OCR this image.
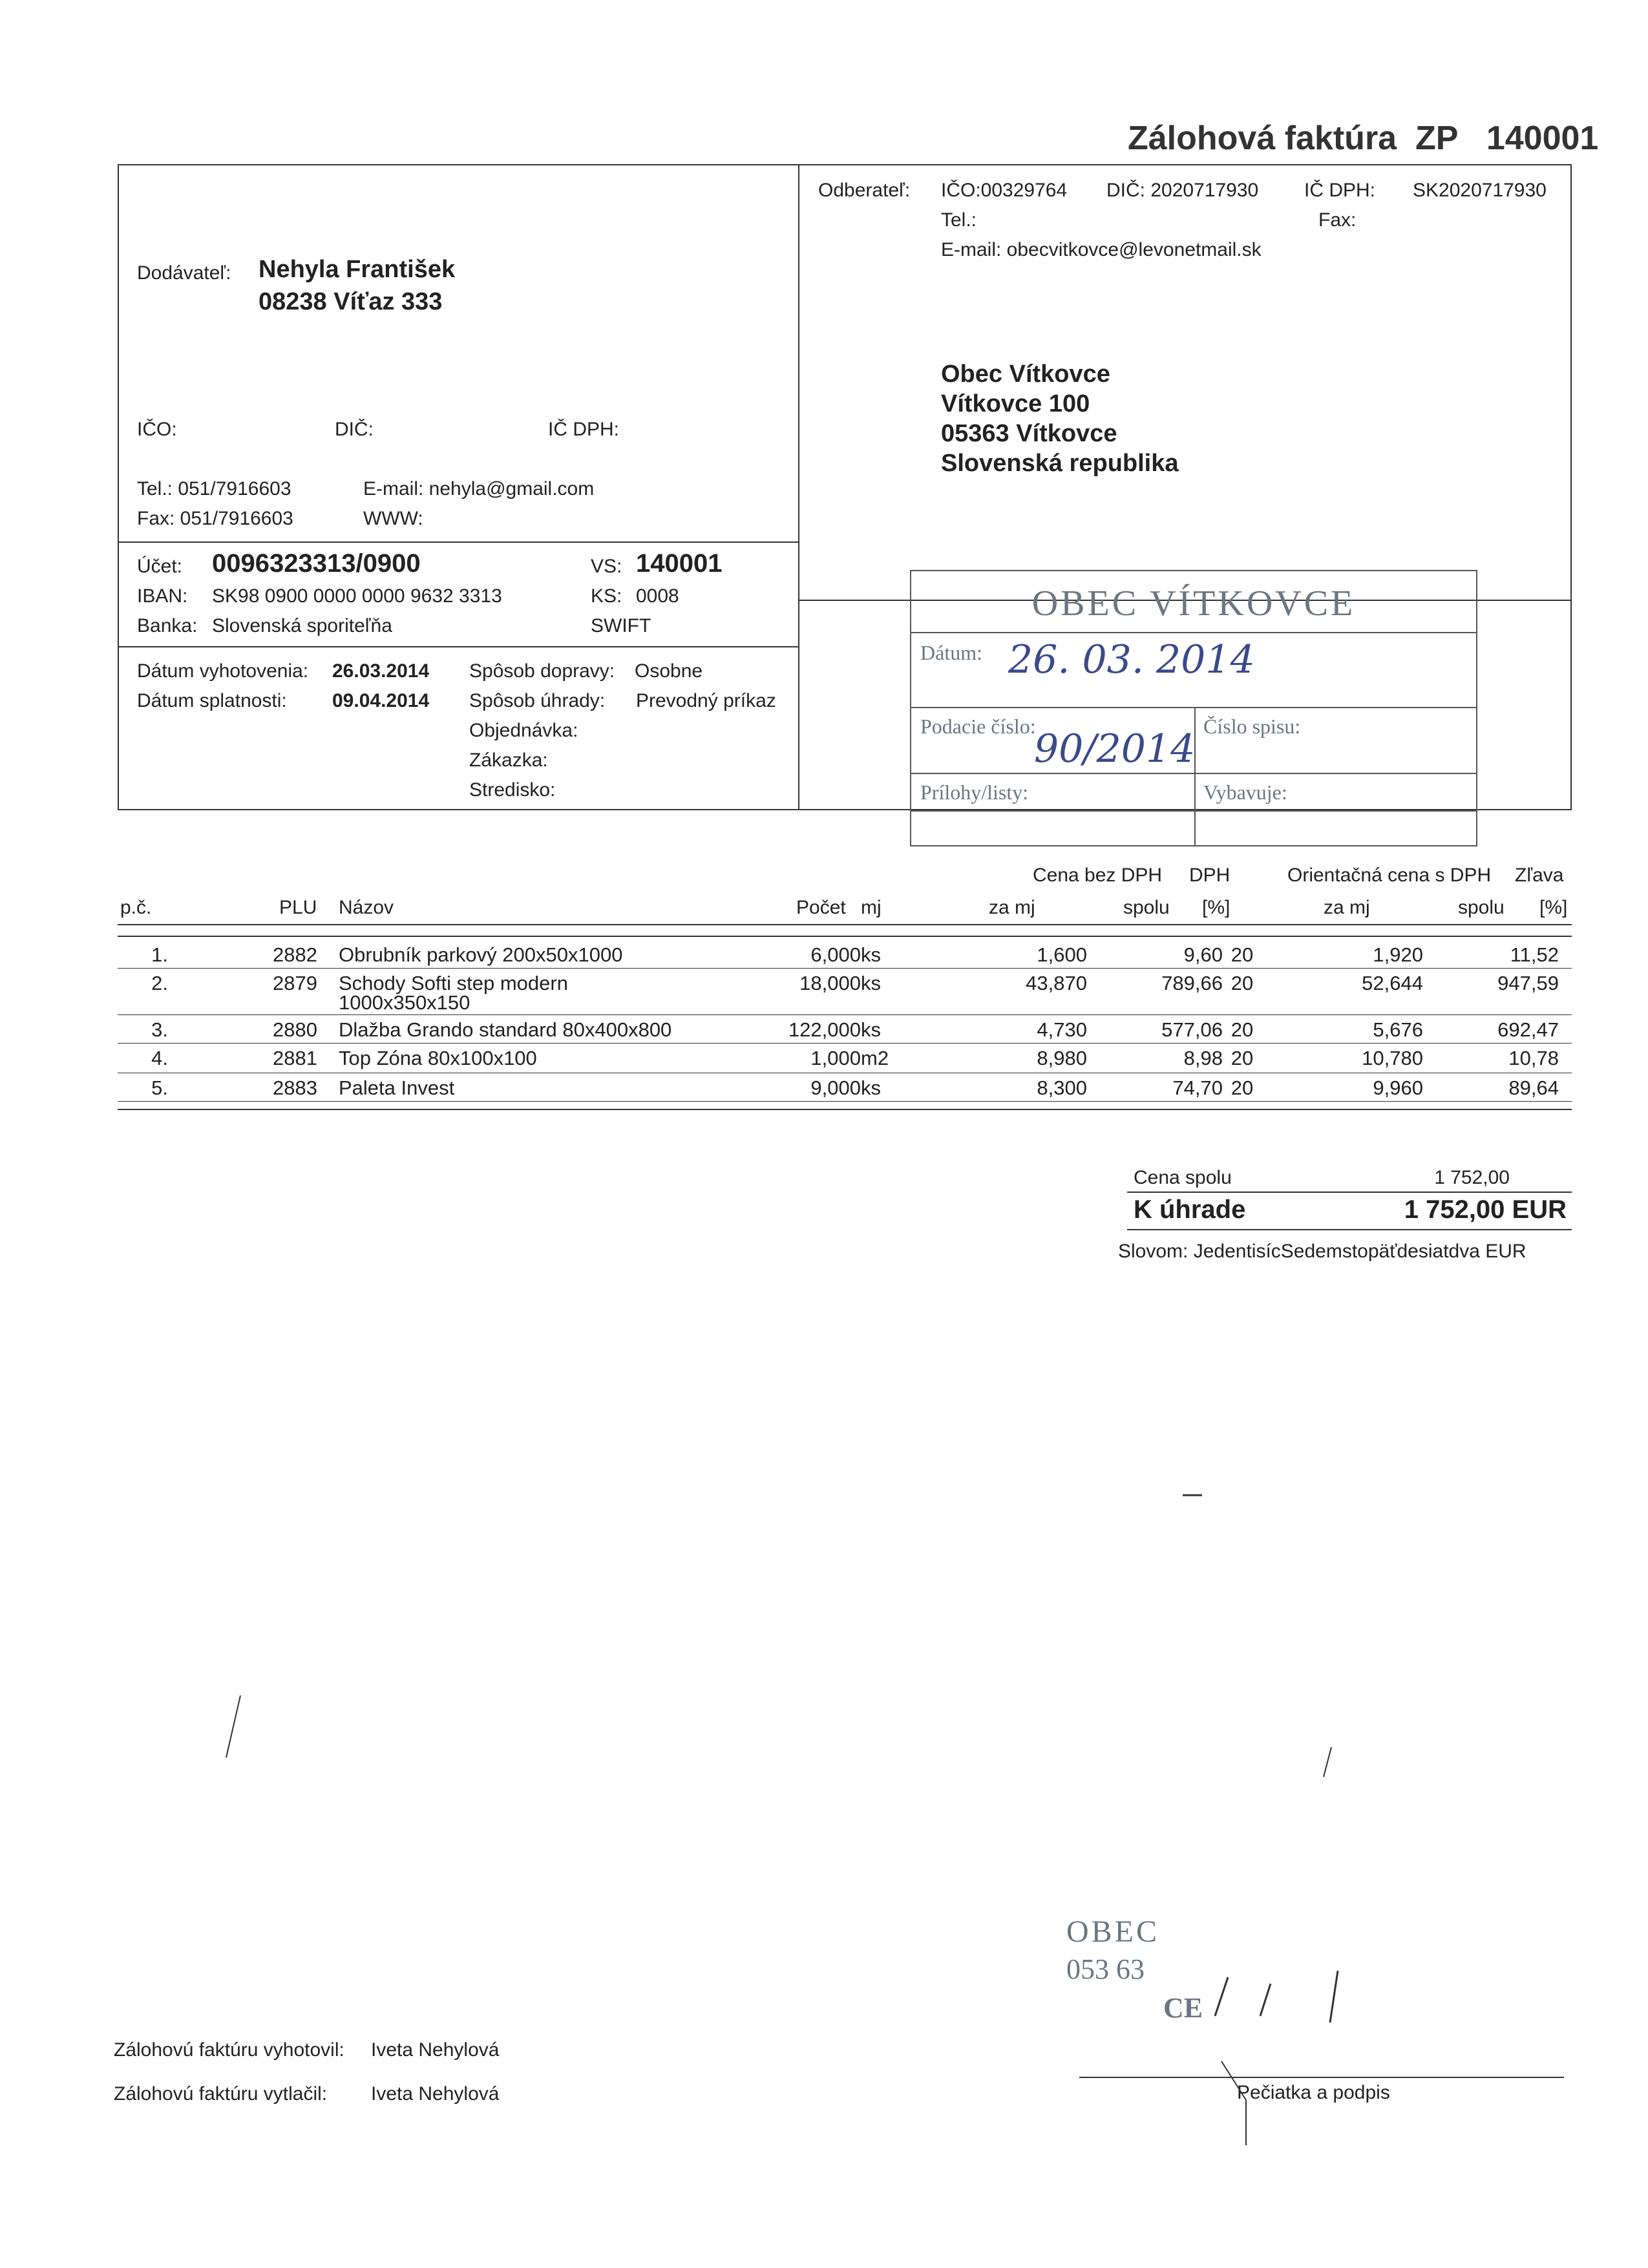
Zálohová faktúra ZP 140001
Dodávateľ: Nehyla František
08238 Víťaz 333
IČO:	DIČ:	IČ DPH:
Tel.: 051/7916603	E-mail: nehyla@gmail.com
Fax: 051/7916603	WWW:
Účet: 0096323313/0900
IBAN: SK98 0900 0000 0000 9632 3313
Banka: Slovenská sporiteľňa
VS: 140001
KS: 0008
SWIFT
Dátum vyhotovenia: 26.03.2014
Dátum splatnosti: 09.04.2014
Spôsob dopravy: Osobne
Spôsob úhrady: Prevodný príkaz
Objednávka:
Zákazka:
Stredisko:
Odberateľ: IČO:00329764 DIČ: 2020717930 IČ DPH: SK2020717930
Tel.:	Fax:
E-mail: obecvitkovce@levonetmail.sk
Obec Vítkovce
Vítkovce 100
05363 Vítkovce
Slovenská republika
OBEC VÍTKOVCE
Dátum: 26. 03. 2014
Podacie číslo:
90/2014 Číslo spisu:
Prílohy/listy:	Vybavuje:
Cena bez DPH DPH	Orientačná cena s DPH Zľava
p.č.	PLU Názov	Počet mj	za mj	spolu [%]	za mj	spolu [%]
1.	2882 Obrubník parkový 200x50x1000	6,000 ks	1,600	9,60 20	1,920	11,52
2.	2879 Schody Softi step modern	18,000 ks	43,870	789,66 20	52,644	947,59
1000x350x150
3.	2880 Dlažba Grando standard 80x400x800	122,000 ks	4,730	577,06 20	5,676	692,47
4.	2881 Top Zóna 80x100x100	1,000 m2	8,980	8,98 20	10,780	10,78
5.	2883 Paleta Invest	9,000 ks	8,300	74,70 20	9,960	89,64
Cena spolu	1 752,00
K úhrade	1 752,00 EUR
Slovom: JedentisícSedemstopäťdesiatdva EUR
OBEC
053 63
CE
Zálohovú faktúru vyhotovil: Iveta Nehylová
Zálohovú faktúru vytlačil: Iveta Nehylová	Pečiatka a podpis
